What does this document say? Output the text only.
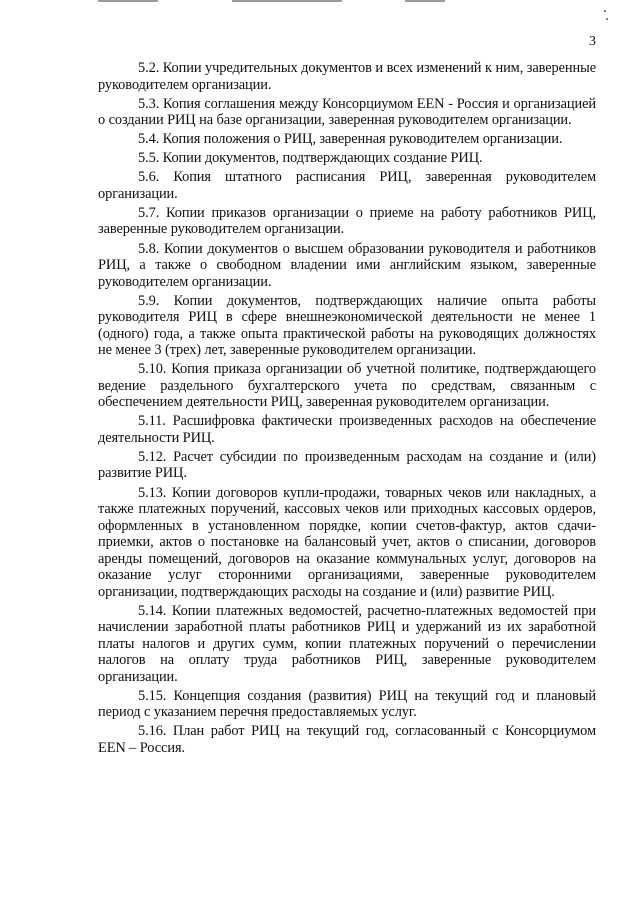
3

5.2. Копии учредительных документов и всех изменений к ним, заверенные руководителем организации.

5.3. Копия соглашения между Консорциумом EEN - Россия и организацией о создании РИЦ на базе организации, заверенная руководителем организации.

5.4. Копия положения о РИЦ, заверенная руководителем организации.

5.5. Копии документов, подтверждающих создание РИЦ.

5.6. Копия штатного расписания РИЦ, заверенная руководителем организации.

5.7. Копии приказов организации о приеме на работу работников РИЦ, заверенные руководителем организации.

5.8. Копии документов о высшем образовании руководителя и работников РИЦ, а также о свободном владении ими английским языком, заверенные руководителем организации.

5.9. Копии документов, подтверждающих наличие опыта работы руководителя РИЦ в сфере внешнеэкономической деятельности не менее 1 (одного) года, а также опыта практической работы на руководящих должностях не менее 3 (трех) лет, заверенные руководителем организации.

5.10. Копия приказа организации об учетной политике, подтверждающего ведение раздельного бухгалтерского учета по средствам, связанным с обеспечением деятельности РИЦ, заверенная руководителем организации.

5.11. Расшифровка фактически произведенных расходов на обеспечение деятельности РИЦ.

5.12. Расчет субсидии по произведенным расходам на создание и (или) развитие РИЦ.

5.13. Копии договоров купли-продажи, товарных чеков или накладных, а также платежных поручений, кассовых чеков или приходных кассовых ордеров, оформленных в установленном порядке, копии счетов-фактур, актов сдачи-приемки, актов о постановке на балансовый учет, актов о списании, договоров аренды помещений, договоров на оказание коммунальных услуг, договоров на оказание услуг сторонними организациями, заверенные руководителем организации, подтверждающих расходы на создание и (или) развитие РИЦ.

5.14. Копии платежных ведомостей, расчетно-платежных ведомостей при начислении заработной платы работников РИЦ и удержаний из их заработной платы налогов и других сумм, копии платежных поручений о перечислении налогов на оплату труда работников РИЦ, заверенные руководителем организации.

5.15. Концепция создания (развития) РИЦ на текущий год и плановый период с указанием перечня предоставляемых услуг.

5.16. План работ РИЦ на текущий год, согласованный с Консорциумом EEN – Россия.
